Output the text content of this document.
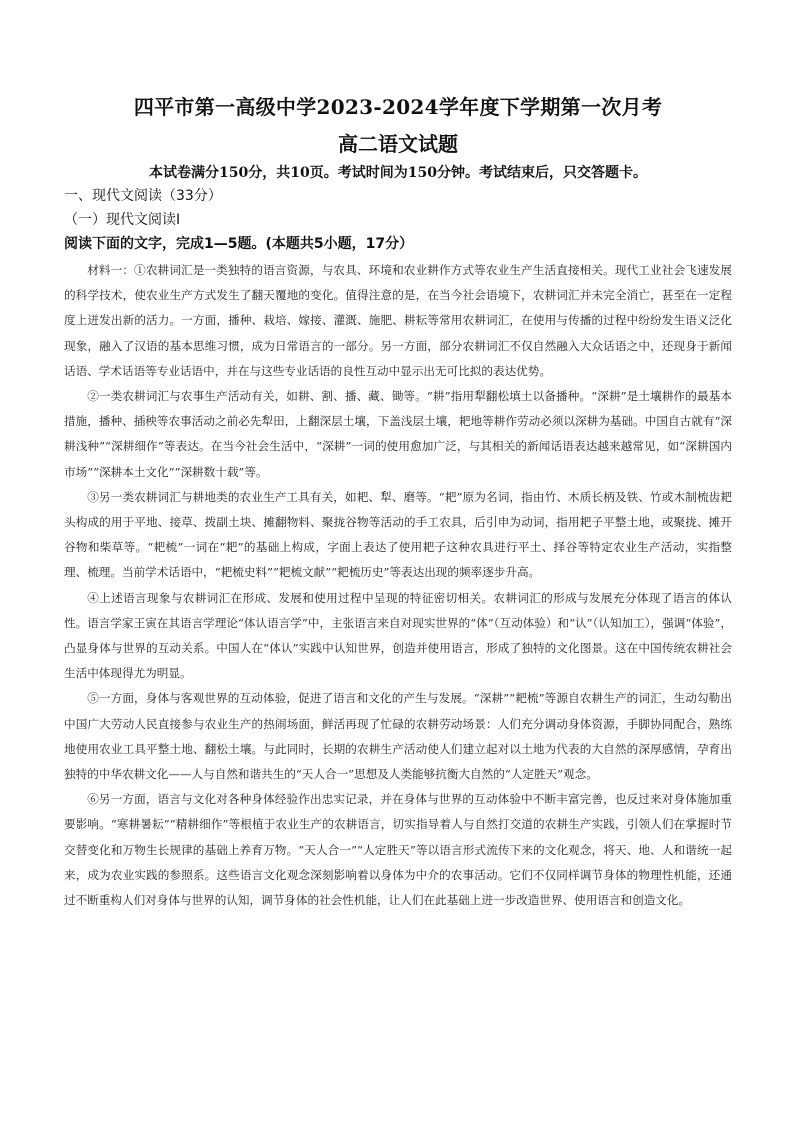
四平市第一高级中学2023-2024学年度下学期第一次月考
高二语文试题

本试卷满分150分，共10页。考试时间为150分钟。考试结束后，只交答题卡。

一、现代文阅读（33分）

（一）现代文阅读Ⅰ

阅读下面的文字，完成1—5题。(本题共5小题，17分）

材料一：①农耕词汇是一类独特的语言资源，与农具、环境和农业耕作方式等农业生产生活直接相关。现代工业社会飞速发展的科学技术，使农业生产方式发生了翻天覆地的变化。值得注意的是，在当今社会语境下，农耕词汇并未完全消亡，甚至在一定程度上迸发出新的活力。一方面，播种、栽培、嫁接、灌溉、施肥、耕耘等常用农耕词汇，在使用与传播的过程中纷纷发生语义泛化现象，融入了汉语的基本思维习惯，成为日常语言的一部分。另一方面，部分农耕词汇不仅自然融入大众话语之中，还现身于新闻话语、学术话语等专业话语中，并在与这些专业话语的良性互动中显示出无可比拟的表达优势。

②一类农耕词汇与农事生产活动有关，如耕、割、播、藏、锄等。“耕”指用犁翻松填土以备播种。“深耕”是土壤耕作的最基本措施，播种、插秧等农事活动之前必先犁田，上翻深层土壤，下盖浅层土壤，耙地等耕作劳动必须以深耕为基础。中国自古就有“深耕浅种”“深耕细作”等表达。在当今社会生活中，“深耕”一词的使用愈加广泛，与其相关的新闻话语表达越来越常见，如“深耕国内市场”“深耕本土文化”“深耕数十载”等。

③另一类农耕词汇与耕地类的农业生产工具有关，如耙、犁、磨等。“耙”原为名词，指由竹、木质长柄及铁、竹或木制梳齿耙头构成的用于平地、接草、拨副土块、摊翻物料、聚拢谷物等活动的手工农具，后引申为动词，指用耙子平整土地，或聚拢、摊开谷物和柴草等。“耙梳”一词在“耙”的基础上构成，字面上表达了使用耙子这种农具进行平土、择谷等特定农业生产活动，实指整理、梳理。当前学术话语中，“耙梳史料”“耙梳文献”“耙梳历史”等表达出现的频率逐步升高。

④上述语言现象与农耕词汇在形成、发展和使用过程中呈现的特征密切相关。农耕词汇的形成与发展充分体现了语言的体认性。语言学家王寅在其语言学理论“体认语言学”中，主张语言来自对现实世界的“体”（互动体验）和“认”（认知加工），强调“体验”，凸显身体与世界的互动关系。中国人在“体认”实践中认知世界，创造并使用语言，形成了独特的文化图景。这在中国传统农耕社会生活中体现得尤为明显。

⑤一方面，身体与客观世界的互动体验，促进了语言和文化的产生与发展。“深耕”“耙梳”等源自农耕生产的词汇，生动勾勒出中国广大劳动人民直接参与农业生产的热闹场面，鲜活再现了忙碌的农耕劳动场景：人们充分调动身体资源，手脚协同配合，熟练地使用农业工具平整土地、翻松土壤。与此同时，长期的农耕生产活动使人们建立起对以土地为代表的大自然的深厚感情，孕育出独特的中华农耕文化——人与自然和谐共生的“天人合一”思想及人类能够抗衡大自然的“人定胜天”观念。

⑥另一方面，语言与文化对各种身体经验作出忠实记录，并在身体与世界的互动体验中不断丰富完善，也反过来对身体施加重要影响。“寒耕暑耘”“精耕细作”等根植于农业生产的农耕语言，切实指导着人与自然打交道的农耕生产实践，引领人们在掌握时节交替变化和万物生长规律的基础上养育万物。“天人合一”“人定胜天”等以语言形式流传下来的文化观念，将天、地、人和谐统一起来，成为农业实践的参照系。这些语言文化观念深刻影响着以身体为中介的农事活动。它们不仅同样调节身体的物理性机能，还通过不断重构人们对身体与世界的认知，调节身体的社会性机能，让人们在此基础上进一步改造世界、使用语言和创造文化。
